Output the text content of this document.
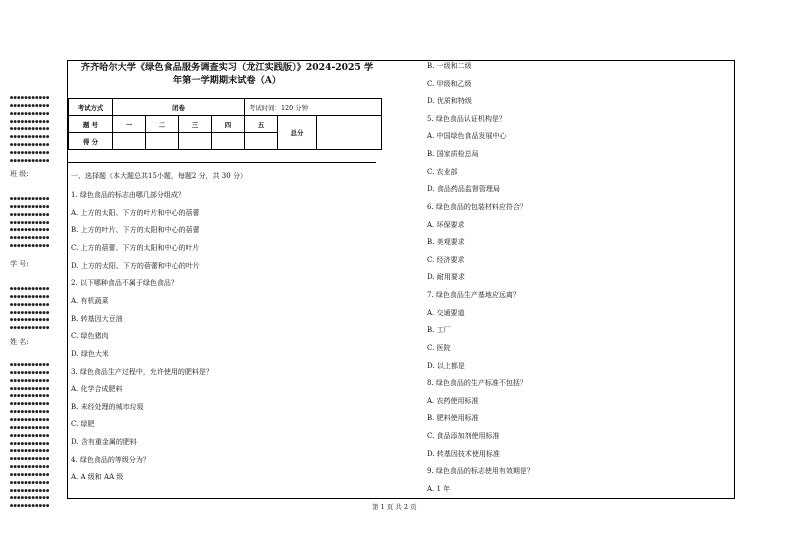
●●●●●●●●●●●
●●●●●●●●●●●
●●●●●●●●●●●
●●●●●●●●●●●
●●●●●●●●●●●
●●●●●●●●●●●
●●●●●●●●●●●
●●●●●●●●●●●
●●●●●●●●●●●
班 级:
●●●●●●●●●●●
●●●●●●●●●●●
●●●●●●●●●●●
●●●●●●●●●●●
●●●●●●●●●●●
●●●●●●●●●●●
●●●●●●●●●●●
学 号:
●●●●●●●●●●●
●●●●●●●●●●●
●●●●●●●●●●●
●●●●●●●●●●●
●●●●●●●●●●●
●●●●●●●●●●●
姓 名:
●●●●●●●●●●●
●●●●●●●●●●●
●●●●●●●●●●●
●●●●●●●●●●●
●●●●●●●●●●●
●●●●●●●●●●●
●●●●●●●●●●●
●●●●●●●●●●●
●●●●●●●●●●●
●●●●●●●●●●●
●●●●●●●●●●●
●●●●●●●●●●●
●●●●●●●●●●●
●●●●●●●●●●●
●●●●●●●●●●●
●●●●●●●●●●●
●●●●●●●●●●●
●●●●●●●●●●●
●●●●●●●●●●●
齐齐哈尔大学《绿色食品服务调查实习（龙江实践版）》2024-2025 学
年第一学期期末试卷（A）
考试方式	闭卷				考试时间：120 分钟		
题 号	一	二	三	四	五	总分	
得 分							
一、选择题（本大题总共15小题，每题2 分，共 30 分）
1. 绿色食品的标志由哪几部分组成？
A. 上方的太阳、下方的叶片和中心的蓓蕾
B. 上方的叶片、下方的太阳和中心的蓓蕾
C. 上方的蓓蕾、下方的太阳和中心的叶片
D. 上方的太阳、下方的蓓蕾和中心的叶片
2. 以下哪种食品不属于绿色食品？
A. 有机蔬菜
B. 转基因大豆油
C. 绿色猪肉
D. 绿色大米
3. 绿色食品生产过程中，允许使用的肥料是？
A. 化学合成肥料
B. 未经处理的城市垃圾
C. 绿肥
D. 含有重金属的肥料
4. 绿色食品的等级分为？
A. A 级和 AA 级
B. 一级和二级
C. 甲级和乙级
D. 优质和特级
5. 绿色食品认证机构是？
A. 中国绿色食品发展中心
B. 国家质检总局
C. 农业部
D. 食品药品监督管理局
6. 绿色食品的包装材料应符合？
A. 环保要求
B. 美观要求
C. 经济要求
D. 耐用要求
7. 绿色食品生产基地应远离？
A. 交通要道
B. 工厂
C. 医院
D. 以上都是
8. 绿色食品的生产标准不包括？
A. 农药使用标准
B. 肥料使用标准
C. 食品添加剂使用标准
D. 转基因技术使用标准
9. 绿色食品的标志使用有效期是？
A. 1 年
第 1 页 共 2 页
